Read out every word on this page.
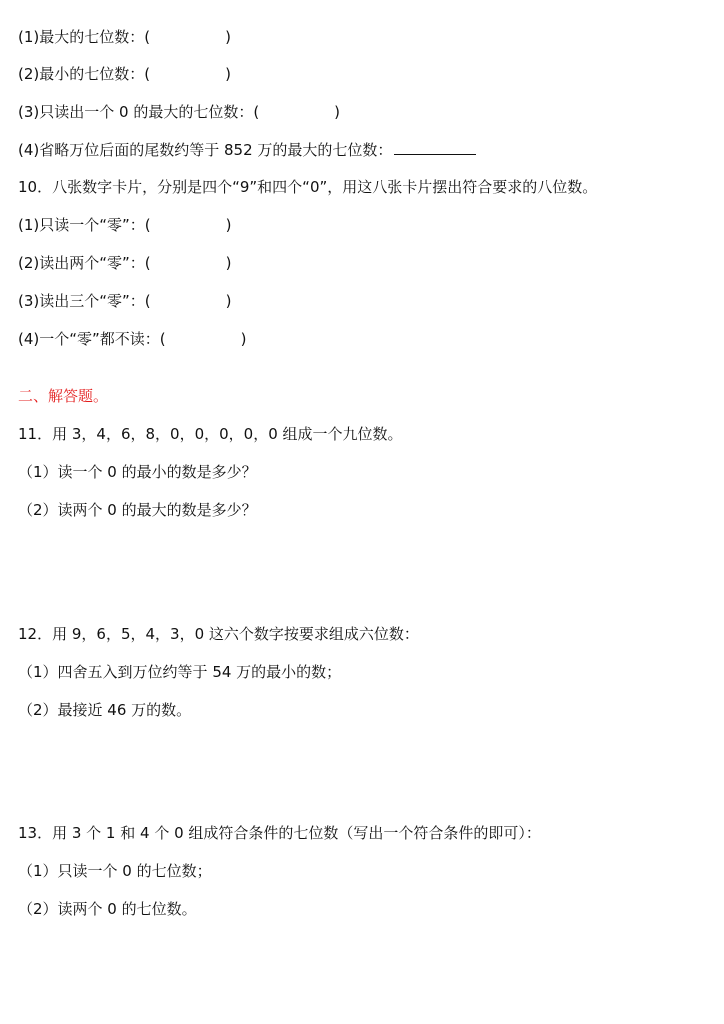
(1)最大的七位数：(　　　　　)
(2)最小的七位数：(　　　　　)
(3)只读出一个 0 的最大的七位数：(　　　　　)
(4)省略万位后面的尾数约等于 852 万的最大的七位数：
10．八张数字卡片，分别是四个“9”和四个“0”，用这八张卡片摆出符合要求的八位数。
(1)只读一个“零”：(　　　　　)
(2)读出两个“零”：(　　　　　)
(3)读出三个“零”：(　　　　　)
(4)一个“零”都不读：(　　　　　)
二、解答题。
11．用 3，4，6，8，0，0，0，0，0 组成一个九位数。
（1）读一个 0 的最小的数是多少？
（2）读两个 0 的最大的数是多少？
12．用 9，6，5，4，3，0 这六个数字按要求组成六位数：
（1）四舍五入到万位约等于 54 万的最小的数；
（2）最接近 46 万的数。
13．用 3 个 1 和 4 个 0 组成符合条件的七位数（写出一个符合条件的即可）：
（1）只读一个 0 的七位数；
（2）读两个 0 的七位数。
